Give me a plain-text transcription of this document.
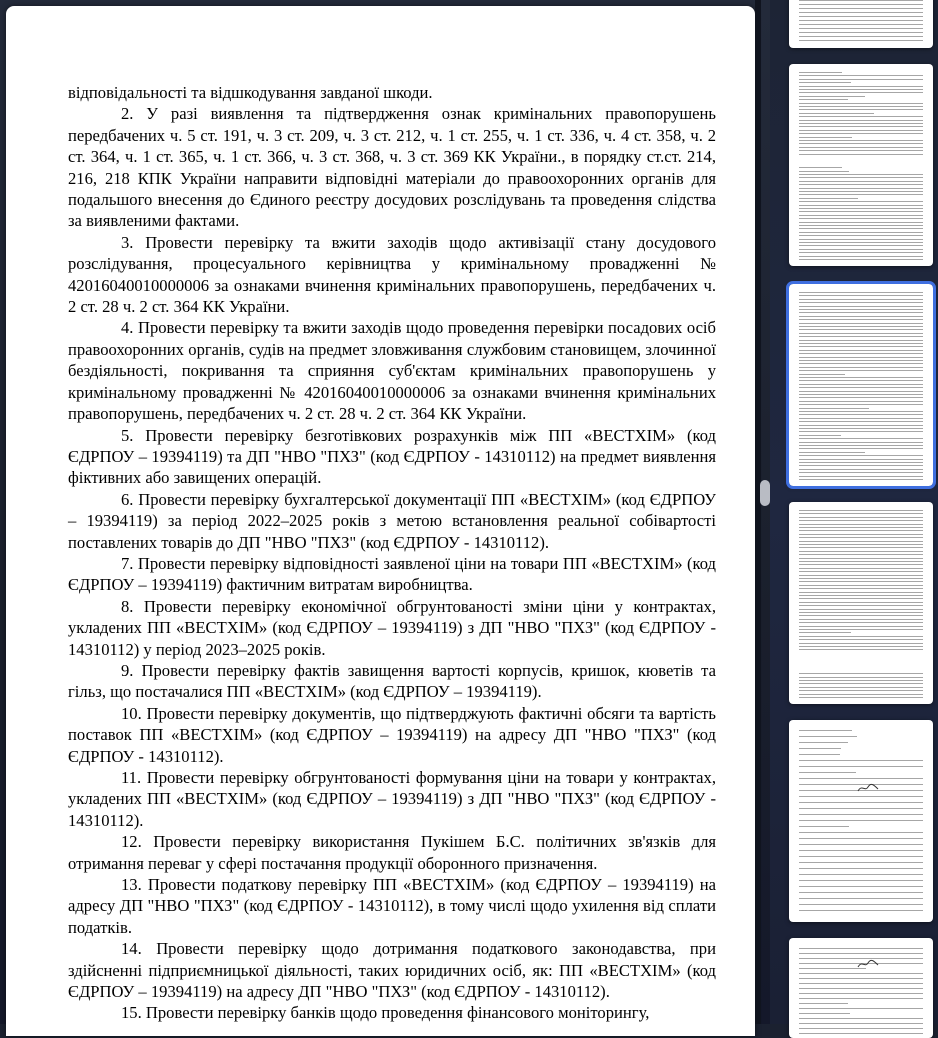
відповідальності та відшкодування завданої шкоди.

2. У разі виявлення та підтвердження ознак кримінальних правопорушень передбачених ч. 5 ст. 191, ч. 3 ст. 209, ч. 3 ст. 212, ч. 1 ст. 255, ч. 1 ст. 336, ч. 4 ст. 358, ч. 2 ст. 364, ч. 1 ст. 365, ч. 1 ст. 366, ч. 3 ст. 368, ч. 3 ст. 369 КК України., в порядку ст.ст. 214, 216, 218 КПК України направити відповідні матеріали до правоохоронних органів для подальшого внесення до Єдиного реєстру досудових розслідувань та проведення слідства за виявленими фактами.

3. Провести перевірку та вжити заходів щодо активізації стану досудового розслідування, процесуального керівництва у кримінальному провадженні № 42016040010000006 за ознаками вчинення кримінальних правопорушень, передбачених ч. 2 ст. 28 ч. 2 ст. 364 КК України.

4. Провести перевірку та вжити заходів щодо проведення перевірки посадових осіб правоохоронних органів, судів на предмет зловживання службовим становищем, злочинної бездіяльності, покривання та сприяння суб'єктам кримінальних правопорушень у кримінальному провадженні № 42016040010000006 за ознаками вчинення кримінальних правопорушень, передбачених ч. 2 ст. 28 ч. 2 ст. 364 КК України.

5. Провести перевірку безготівкових розрахунків між ПП «ВЕСТХІМ» (код ЄДРПОУ – 19394119) та ДП "НВО "ПХЗ" (код ЄДРПОУ - 14310112) на предмет виявлення фіктивних або завищених операцій.

6. Провести перевірку бухгалтерської документації ПП «ВЕСТХІМ» (код ЄДРПОУ – 19394119) за період 2022–2025 років з метою встановлення реальної собівартості поставлених товарів до ДП "НВО "ПХЗ" (код ЄДРПОУ - 14310112).

7. Провести перевірку відповідності заявленої ціни на товари ПП «ВЕСТХІМ» (код ЄДРПОУ – 19394119) фактичним витратам виробництва.

8. Провести перевірку економічної обгрунтованості зміни ціни у контрактах, укладених ПП «ВЕСТХІМ» (код ЄДРПОУ – 19394119) з ДП "НВО "ПХЗ" (код ЄДРПОУ - 14310112) у період 2023–2025 років.

9. Провести перевірку фактів завищення вартості корпусів, кришок, кюветів та гільз, що постачалися ПП «ВЕСТХІМ» (код ЄДРПОУ – 19394119).

10. Провести перевірку документів, що підтверджують фактичні обсяги та вартість поставок ПП «ВЕСТХІМ» (код ЄДРПОУ – 19394119) на адресу ДП "НВО "ПХЗ" (код ЄДРПОУ - 14310112).

11. Провести перевірку обгрунтованості формування ціни на товари у контрактах, укладених ПП «ВЕСТХІМ» (код ЄДРПОУ – 19394119) з ДП "НВО "ПХЗ" (код ЄДРПОУ - 14310112).

12. Провести перевірку використання Пукішем Б.С. політичних зв'язків для отримання переваг у сфері постачання продукції оборонного призначення.

13. Провести податкову перевірку ПП «ВЕСТХІМ» (код ЄДРПОУ – 19394119) на адресу ДП "НВО "ПХЗ" (код ЄДРПОУ - 14310112), в тому числі щодо ухилення від сплати податків.

14. Провести перевірку щодо дотримання податкового законодавства, при здійсненні підприємницької діяльності, таких юридичних осіб, як: ПП «ВЕСТХІМ» (код ЄДРПОУ – 19394119) на адресу ДП "НВО "ПХЗ" (код ЄДРПОУ - 14310112).

15. Провести перевірку банків щодо проведення фінансового моніторингу,
